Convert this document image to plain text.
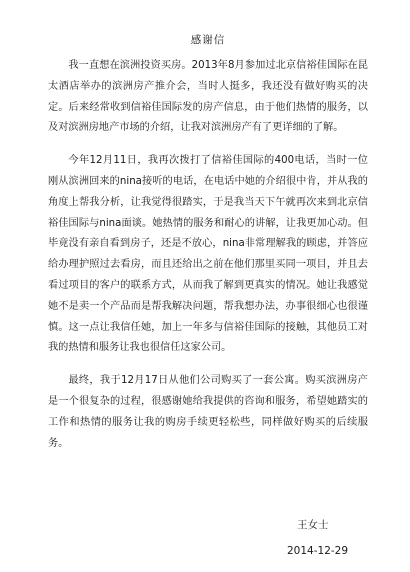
感谢信

我一直想在滨洲投资买房。2013年8月参加过北京信裕佳国际在昆太酒店举办的滨洲房产推介会，当时人挺多，我还没有做好购买的决定。后来经常收到信裕佳国际发的房产信息，由于他们热情的服务，以及对滨洲房地产市场的介绍，让我对滨洲房产有了更详细的了解。

今年12月11日，我再次拨打了信裕佳国际的400电话，当时一位刚从滨洲回来的nina接听的电话，在电话中她的介绍很中肯，并从我的角度上帮我分析，让我觉得很踏实，于是我当天下午就再次来到北京信裕佳国际与nina面谈。她热情的服务和耐心的讲解，让我更加心动。但毕竟没有亲自看到房子，还是不放心，nina非常理解我的顾虑，并答应给办理护照过去看房，而且还给出之前在他们那里买同一项目，并且去看过项目的客户的联系方式，从而我了解到更真实的情况。她让我感觉她不是卖一个产品而是帮我解决问题，帮我想办法，办事很细心也很谨慎。这一点让我信任她，加上一年多与信裕佳国际的接触，其他员工对我的热情和服务让我也很信任这家公司。

最终，我于12月17日从他们公司购买了一套公寓。购买滨洲房产是一个很复杂的过程，很感谢她给我提供的咨询和服务，希望她踏实的工作和热情的服务让我的购房手续更轻松些，同样做好购买的后续服务。

王女士
2014-12-29
